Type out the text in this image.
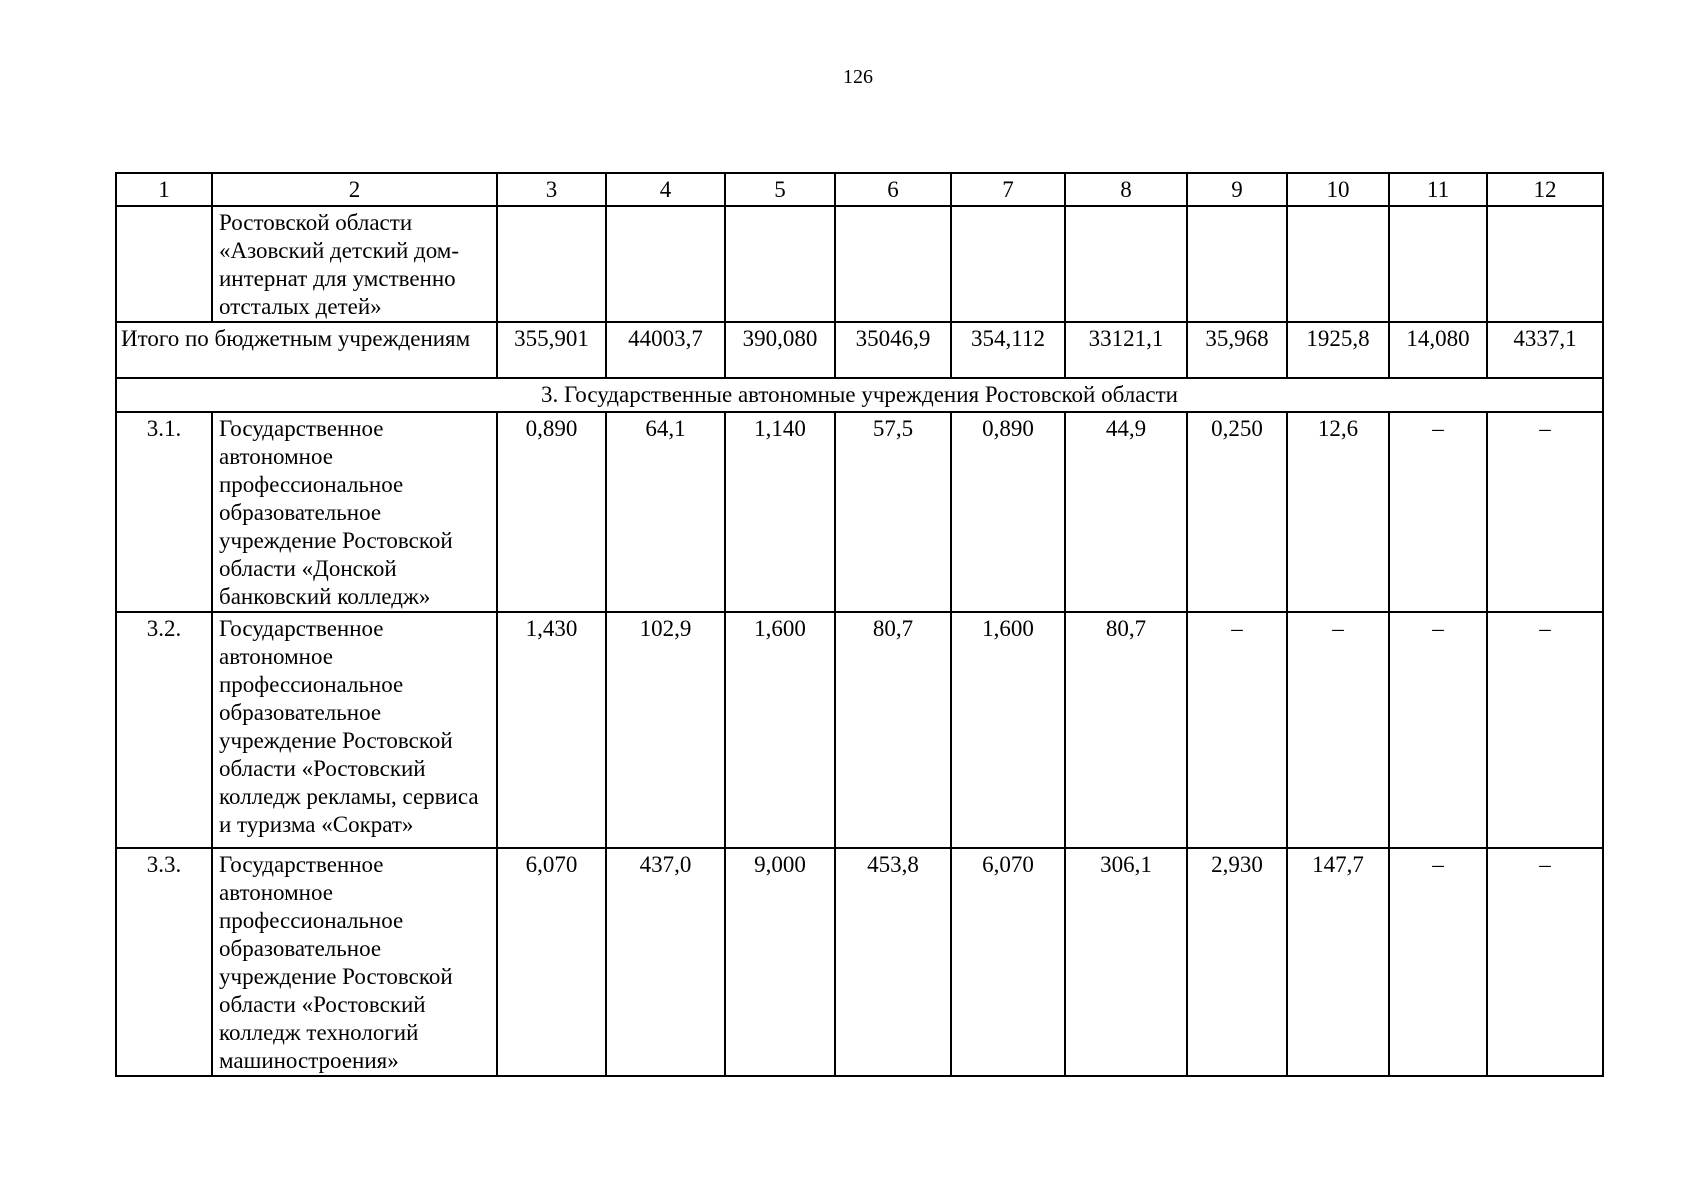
126
1	2	3	4	5	6	7	8	9	10	11	12
	Ростовской области «Азовский детский дом-интернат для умственно отсталых детей»										
Итого по бюджетным учреждениям		355,901	44003,7	390,080	35046,9	354,112	33121,1	35,968	1925,8	14,080	4337,1
3. Государственные автономные учреждения Ростовской области											
3.1.	Государственное автономное профессиональное образовательное учреждение Ростовской области «Донской банковский колледж»	0,890	64,1	1,140	57,5	0,890	44,9	0,250	12,6	–	–
3.2.	Государственное автономное профессиональное образовательное учреждение Ростовской области «Ростовский колледж рекламы, сервиса и туризма «Сократ»	1,430	102,9	1,600	80,7	1,600	80,7	–	–	–	–
3.3.	Государственное автономное профессиональное образовательное учреждение Ростовской области «Ростовский колледж технологий машиностроения»	6,070	437,0	9,000	453,8	6,070	306,1	2,930	147,7	–	–
